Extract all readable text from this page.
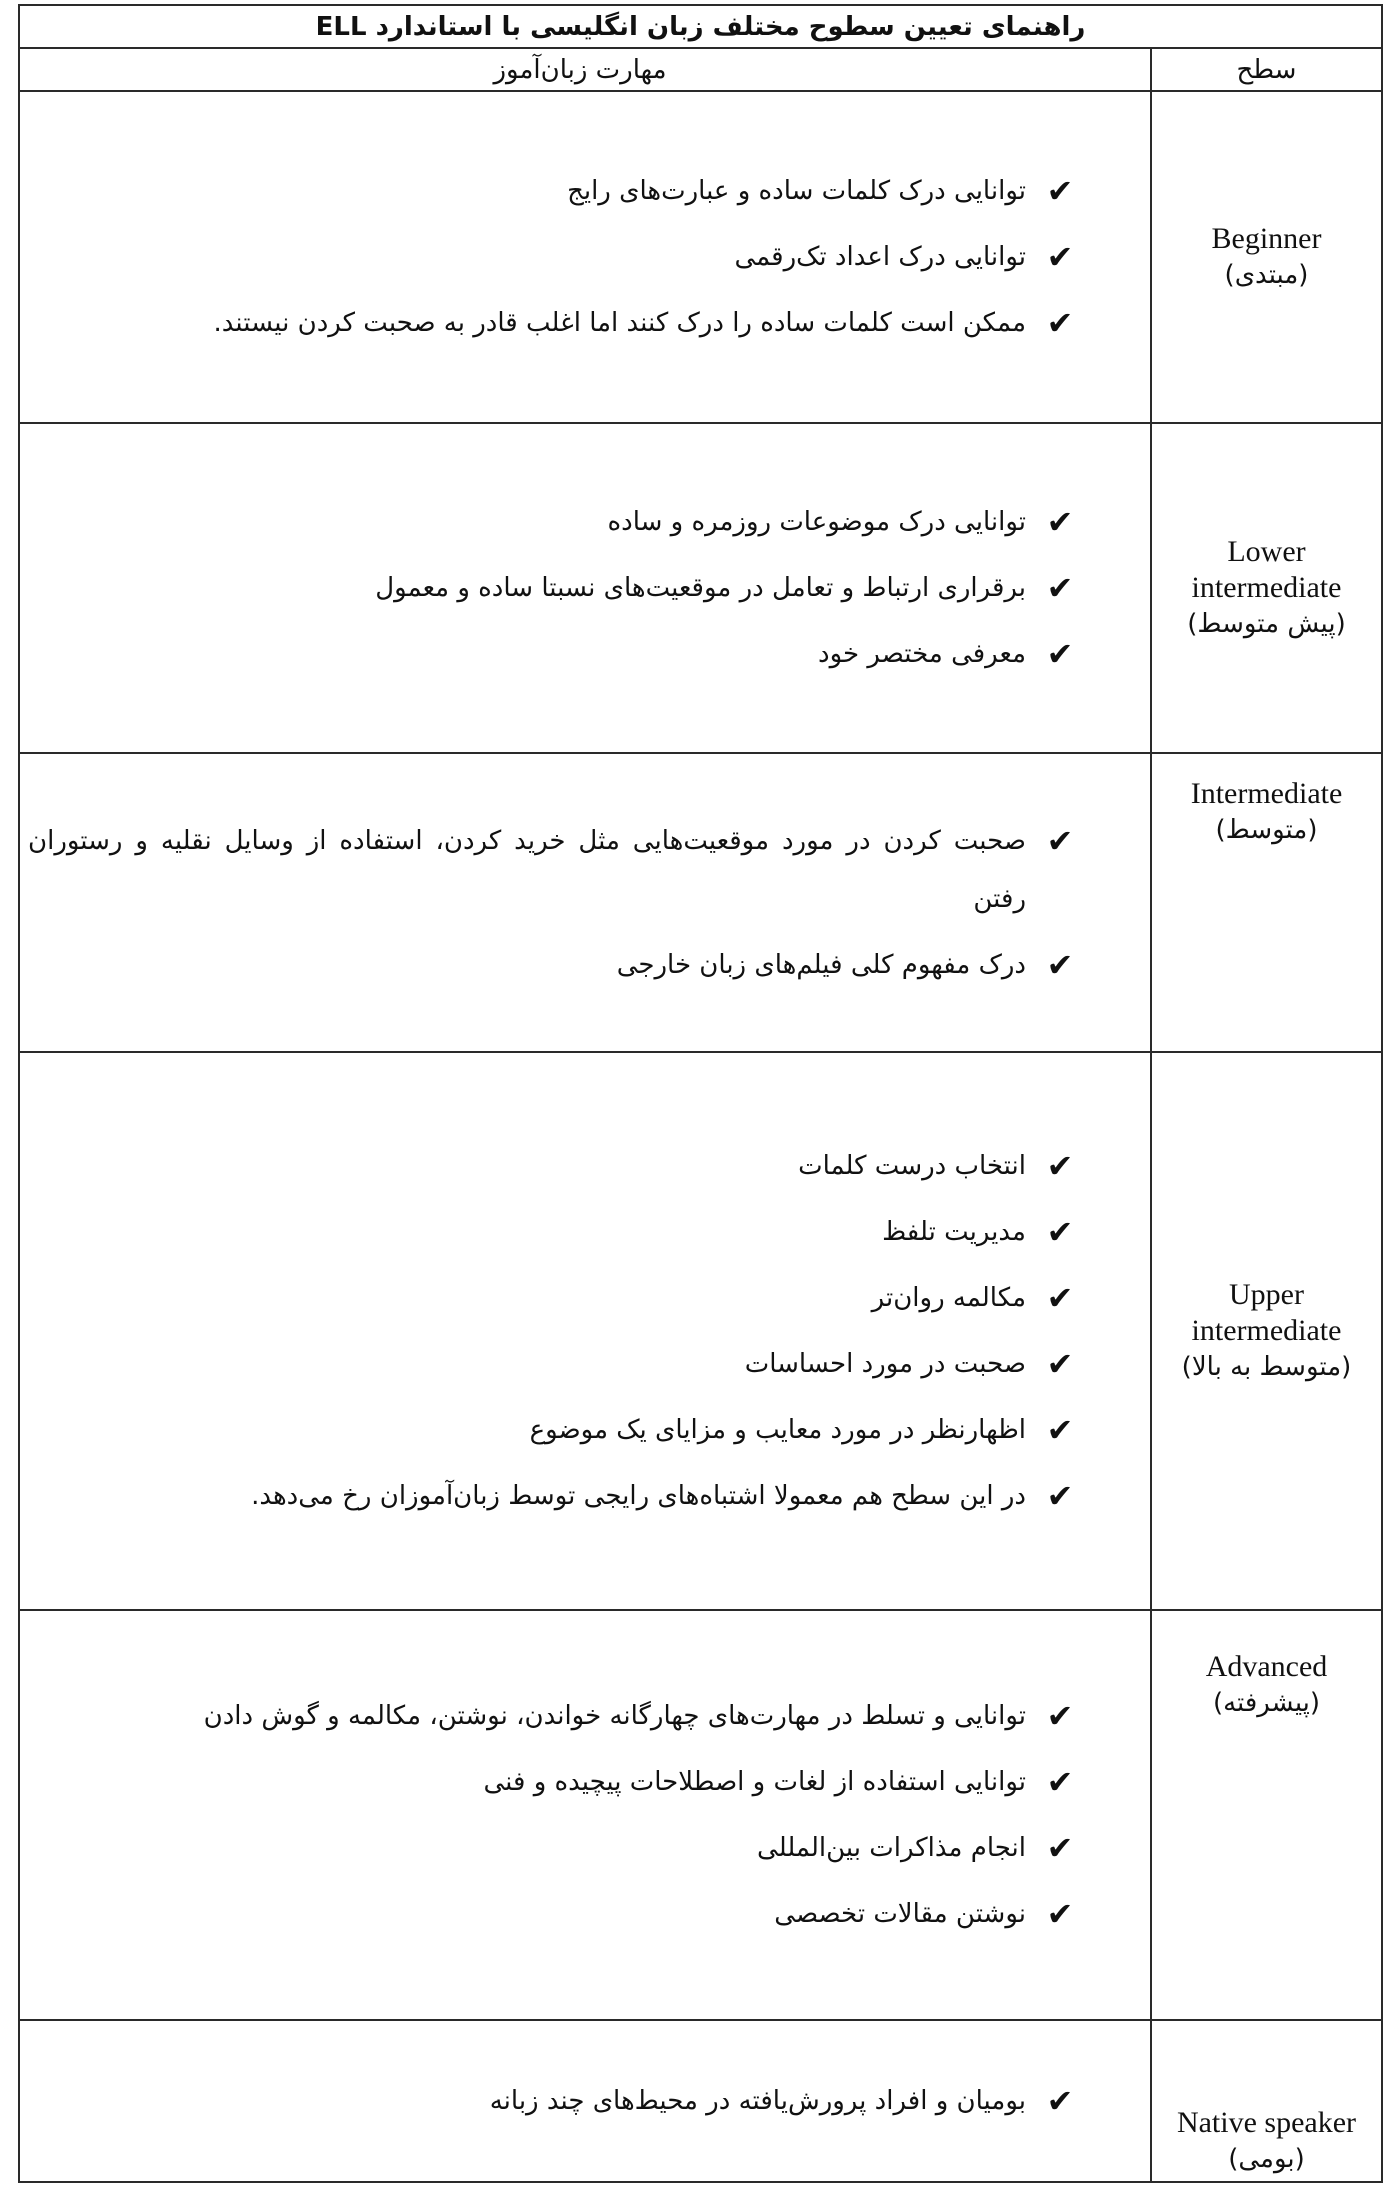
راهنمای تعیین سطوح مختلف زبان انگلیسی با استاندارد ELL
سطح
مهارت زبان‌آموز
Beginner
(مبتدی)
✔
توانایی درک کلمات ساده و عبارت‌های رایج
✔
توانایی درک اعداد تک‌رقمی
✔
ممکن است کلمات ساده را درک کنند اما اغلب قادر به صحبت کردن نیستند.
Lower intermediate
(پیش متوسط)
✔
توانایی درک موضوعات روزمره و ساده
✔
برقراری ارتباط و تعامل در موقعیت‌های نسبتا ساده و معمول
✔
معرفی مختصر خود
Intermediate
(متوسط)
✔
صحبت کردن در مورد موقعیت‌هایی مثل خرید کردن، استفاده از وسایل نقلیه و رستوران رفتن
✔
درک مفهوم کلی فیلم‌های زبان خارجی
Upper intermediate
(متوسط به بالا)
✔
انتخاب درست کلمات
✔
مدیریت تلفظ
✔
مکالمه روان‌تر
✔
صحبت در مورد احساسات
✔
اظهارنظر در مورد معایب و مزایای یک موضوع
✔
در این سطح هم معمولا اشتباه‌های رایجی توسط زبان‌آموزان رخ می‌دهد.
Advanced
(پیشرفته)
✔
توانایی و تسلط در مهارت‌های چهارگانه خواندن، نوشتن، مکالمه و گوش دادن
✔
توانایی استفاده از لغات و اصطلاحات پیچیده و فنی
✔
انجام مذاکرات بین‌المللی
✔
نوشتن مقالات تخصصی
Native speaker
(بومی)
✔
بومیان و افراد پرورش‌یافته در محیط‌های چند زبانه
